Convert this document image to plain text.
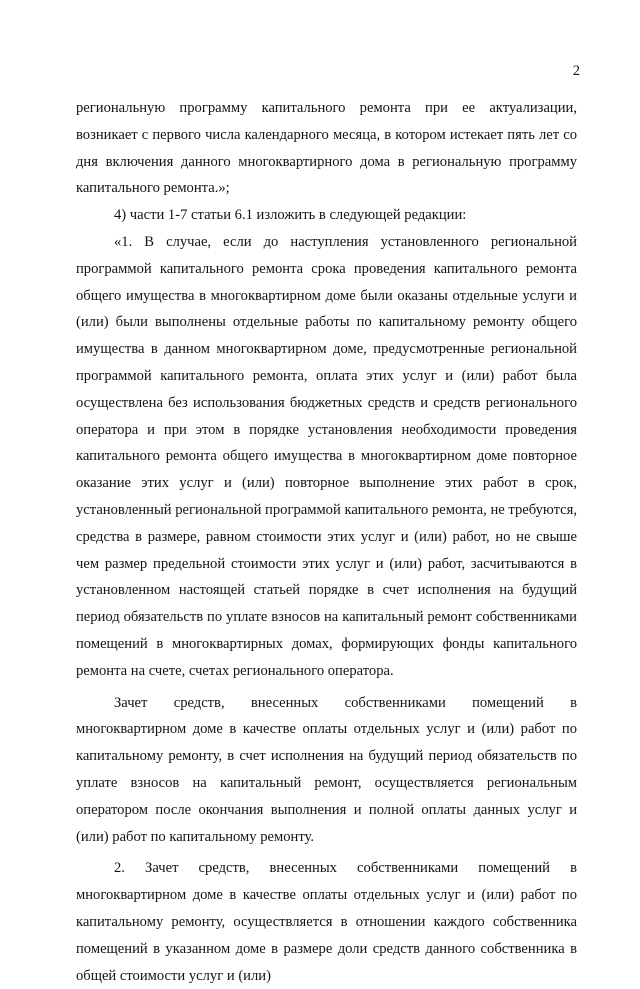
2

региональную программу капитального ремонта при ее актуализации, возникает с первого числа календарного месяца, в котором истекает пять лет со дня включения данного многоквартирного дома в региональную программу капитального ремонта.»;

4) части 1-7 статьи 6.1 изложить в следующей редакции:

«1. В случае, если до наступления установленного региональной программой капитального ремонта срока проведения капитального ремонта общего имущества в многоквартирном доме были оказаны отдельные услуги и (или) были выполнены отдельные работы по капитальному ремонту общего имущества в данном многоквартирном доме, предусмотренные региональной программой капитального ремонта, оплата этих услуг и (или) работ была осуществлена без использования бюджетных средств и средств регионального оператора и при этом в порядке установления необходимости проведения капитального ремонта общего имущества в многоквартирном доме повторное оказание этих услуг и (или) повторное выполнение этих работ в срок, установленный региональной программой капитального ремонта, не требуются, средства в размере, равном стоимости этих услуг и (или) работ, но не свыше чем размер предельной стоимости этих услуг и (или) работ, засчитываются в установленном настоящей статьей порядке в счет исполнения на будущий период обязательств по уплате взносов на капитальный ремонт собственниками помещений в многоквартирных домах, формирующих фонды капитального ремонта на счете, счетах регионального оператора.

Зачет средств, внесенных собственниками помещений в многоквартирном доме в качестве оплаты отдельных услуг и (или) работ по капитальному ремонту, в счет исполнения на будущий период обязательств по уплате взносов на капитальный ремонт, осуществляется региональным оператором после окончания выполнения и полной оплаты данных услуг и (или) работ по капитальному ремонту.

2. Зачет средств, внесенных собственниками помещений в многоквартирном доме в качестве оплаты отдельных услуг и (или) работ по капитальному ремонту, осуществляется в отношении каждого собственника помещений в указанном доме в размере доли средств данного собственника в общей стоимости услуг и (или)
